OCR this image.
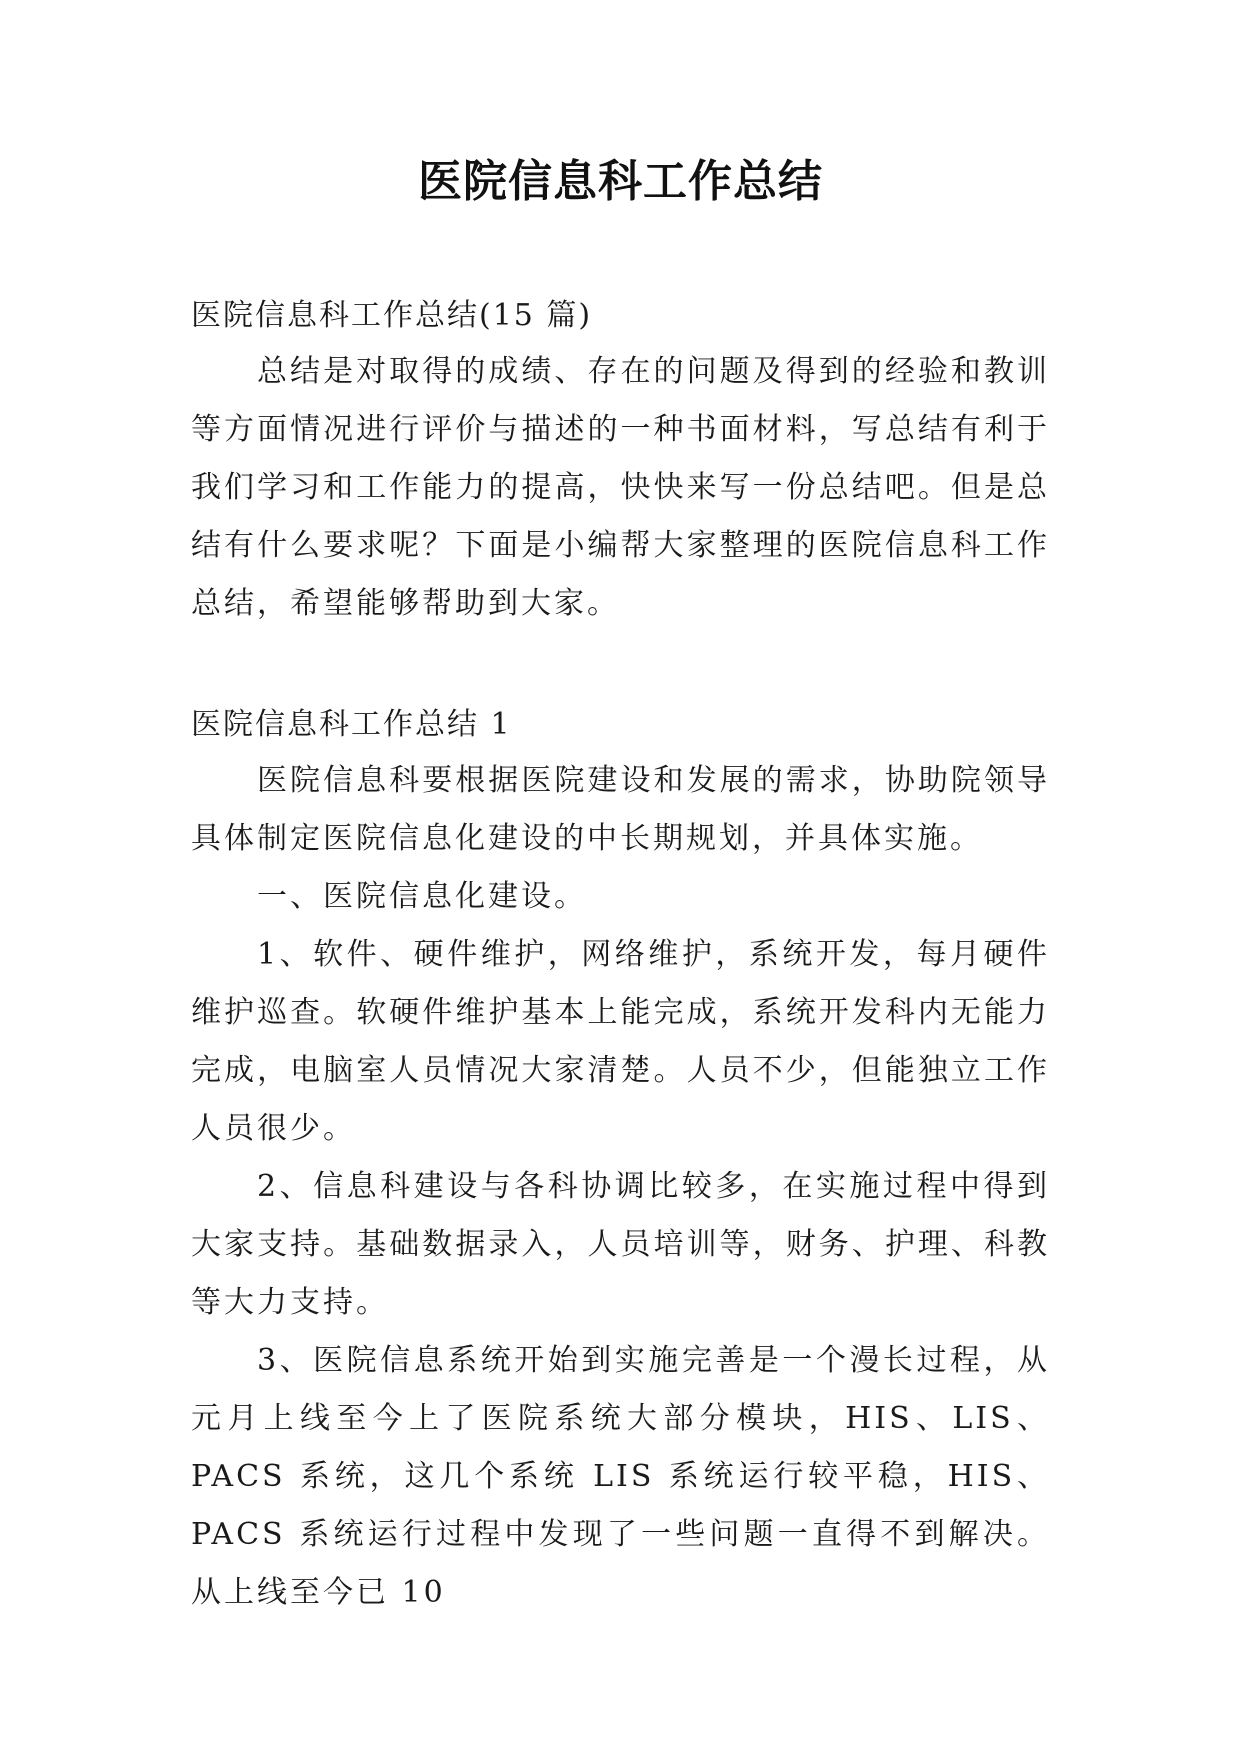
医院信息科工作总结

医院信息科工作总结(15 篇)

总结是对取得的成绩、存在的问题及得到的经验和教训等方面情况进行评价与描述的一种书面材料，写总结有利于我们学习和工作能力的提高，快快来写一份总结吧。但是总结有什么要求呢？下面是小编帮大家整理的医院信息科工作总结，希望能够帮助到大家。

医院信息科工作总结 1

医院信息科要根据医院建设和发展的需求，协助院领导具体制定医院信息化建设的中长期规划，并具体实施。

一、医院信息化建设。

1、软件、硬件维护，网络维护，系统开发，每月硬件维护巡查。软硬件维护基本上能完成，系统开发科内无能力完成，电脑室人员情况大家清楚。人员不少，但能独立工作人员很少。

2、信息科建设与各科协调比较多，在实施过程中得到大家支持。基础数据录入，人员培训等，财务、护理、科教等大力支持。

3、医院信息系统开始到实施完善是一个漫长过程，从元月上线至今上了医院系统大部分模块，HIS、LIS、PACS 系统，这几个系统 LIS 系统运行较平稳，HIS、PACS 系统运行过程中发现了一些问题一直得不到解决。从上线至今已 10
